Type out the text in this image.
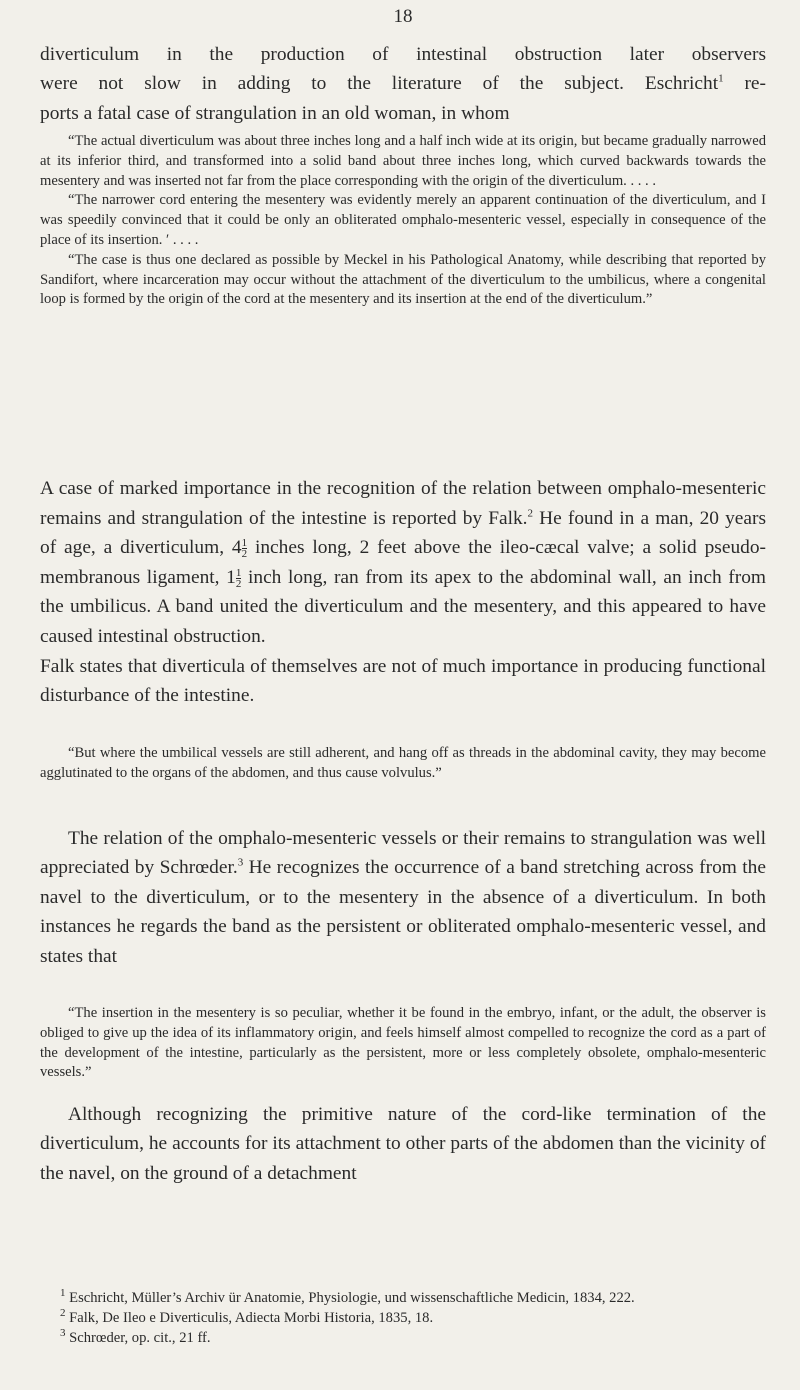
18

diverticulum in the production of intestinal obstruction later observers

were not slow in adding to the literature of the subject. Eschricht$^1$ re-

ports a fatal case of strangulation in an old woman, in whom

“The actual diverticulum was about three inches long and a half inch wide at its origin, but became gradually narrowed at its inferior third, and transformed into a solid band about three inches long, which curved backwards towards the mesentery and was inserted not far from the place corresponding with the origin of the diverticulum. . . . .

“The narrower cord entering the mesentery was evidently merely an apparent continuation of the diverticulum, and I was speedily convinced that it could be only an obliterated omphalo-mesenteric vessel, especially in consequence of the place of its insertion. ′ . . . .

“The case is thus one declared as possible by Meckel in his Pathological Anatomy, while describing that reported by Sandifort, where incarceration may occur without the attachment of the diverticulum to the umbilicus, where a congenital loop is formed by the origin of the cord at the mesentery and its insertion at the end of the diverticulum.”

A case of marked importance in the recognition of the relation between omphalo-mesenteric remains and strangulation of the intestine is reported by Falk.$^2$ He found in a man, 20 years of age, a diverticulum, $4 \frac{1}{2}$ inches long, 2 feet above the ileo-cæcal valve; a solid pseudo-membranous ligament, $1 \frac{1}{2}$ inch long, ran from its apex to the abdominal wall, an inch from the umbilicus. A band united the diverticulum and the mesentery, and this appeared to have caused intestinal obstruction.

Falk states that diverticula of themselves are not of much importance in producing functional disturbance of the intestine.

“But where the umbilical vessels are still adherent, and hang off as threads in the abdominal cavity, they may become agglutinated to the organs of the abdomen, and thus cause volvulus.”

The relation of the omphalo-mesenteric vessels or their remains to strangulation was well appreciated by Schrœder.$^3$ He recognizes the occurrence of a band stretching across from the navel to the diverticulum, or to the mesentery in the absence of a diverticulum. In both instances he regards the band as the persistent or obliterated omphalo-mesenteric vessel, and states that

“The insertion in the mesentery is so peculiar, whether it be found in the embryo, infant, or the adult, the observer is obliged to give up the idea of its inflammatory origin, and feels himself almost compelled to recognize the cord as a part of the development of the intestine, particularly as the persistent, more or less completely obsolete, omphalo-mesenteric vessels.”

Although recognizing the primitive nature of the cord-like termination of the diverticulum, he accounts for its attachment to other parts of the abdomen than the vicinity of the navel, on the ground of a detachment

$^1$ Eschricht, Müller’s Archiv ür Anatomie, Physiologie, und wissenschaftliche Medicin, 1834, 222.

$^2$ Falk, De Ileo e Diverticulis, Adiecta Morbi Historia, 1835, 18.

$^3$ Schrœder, op. cit., 21 ff.
